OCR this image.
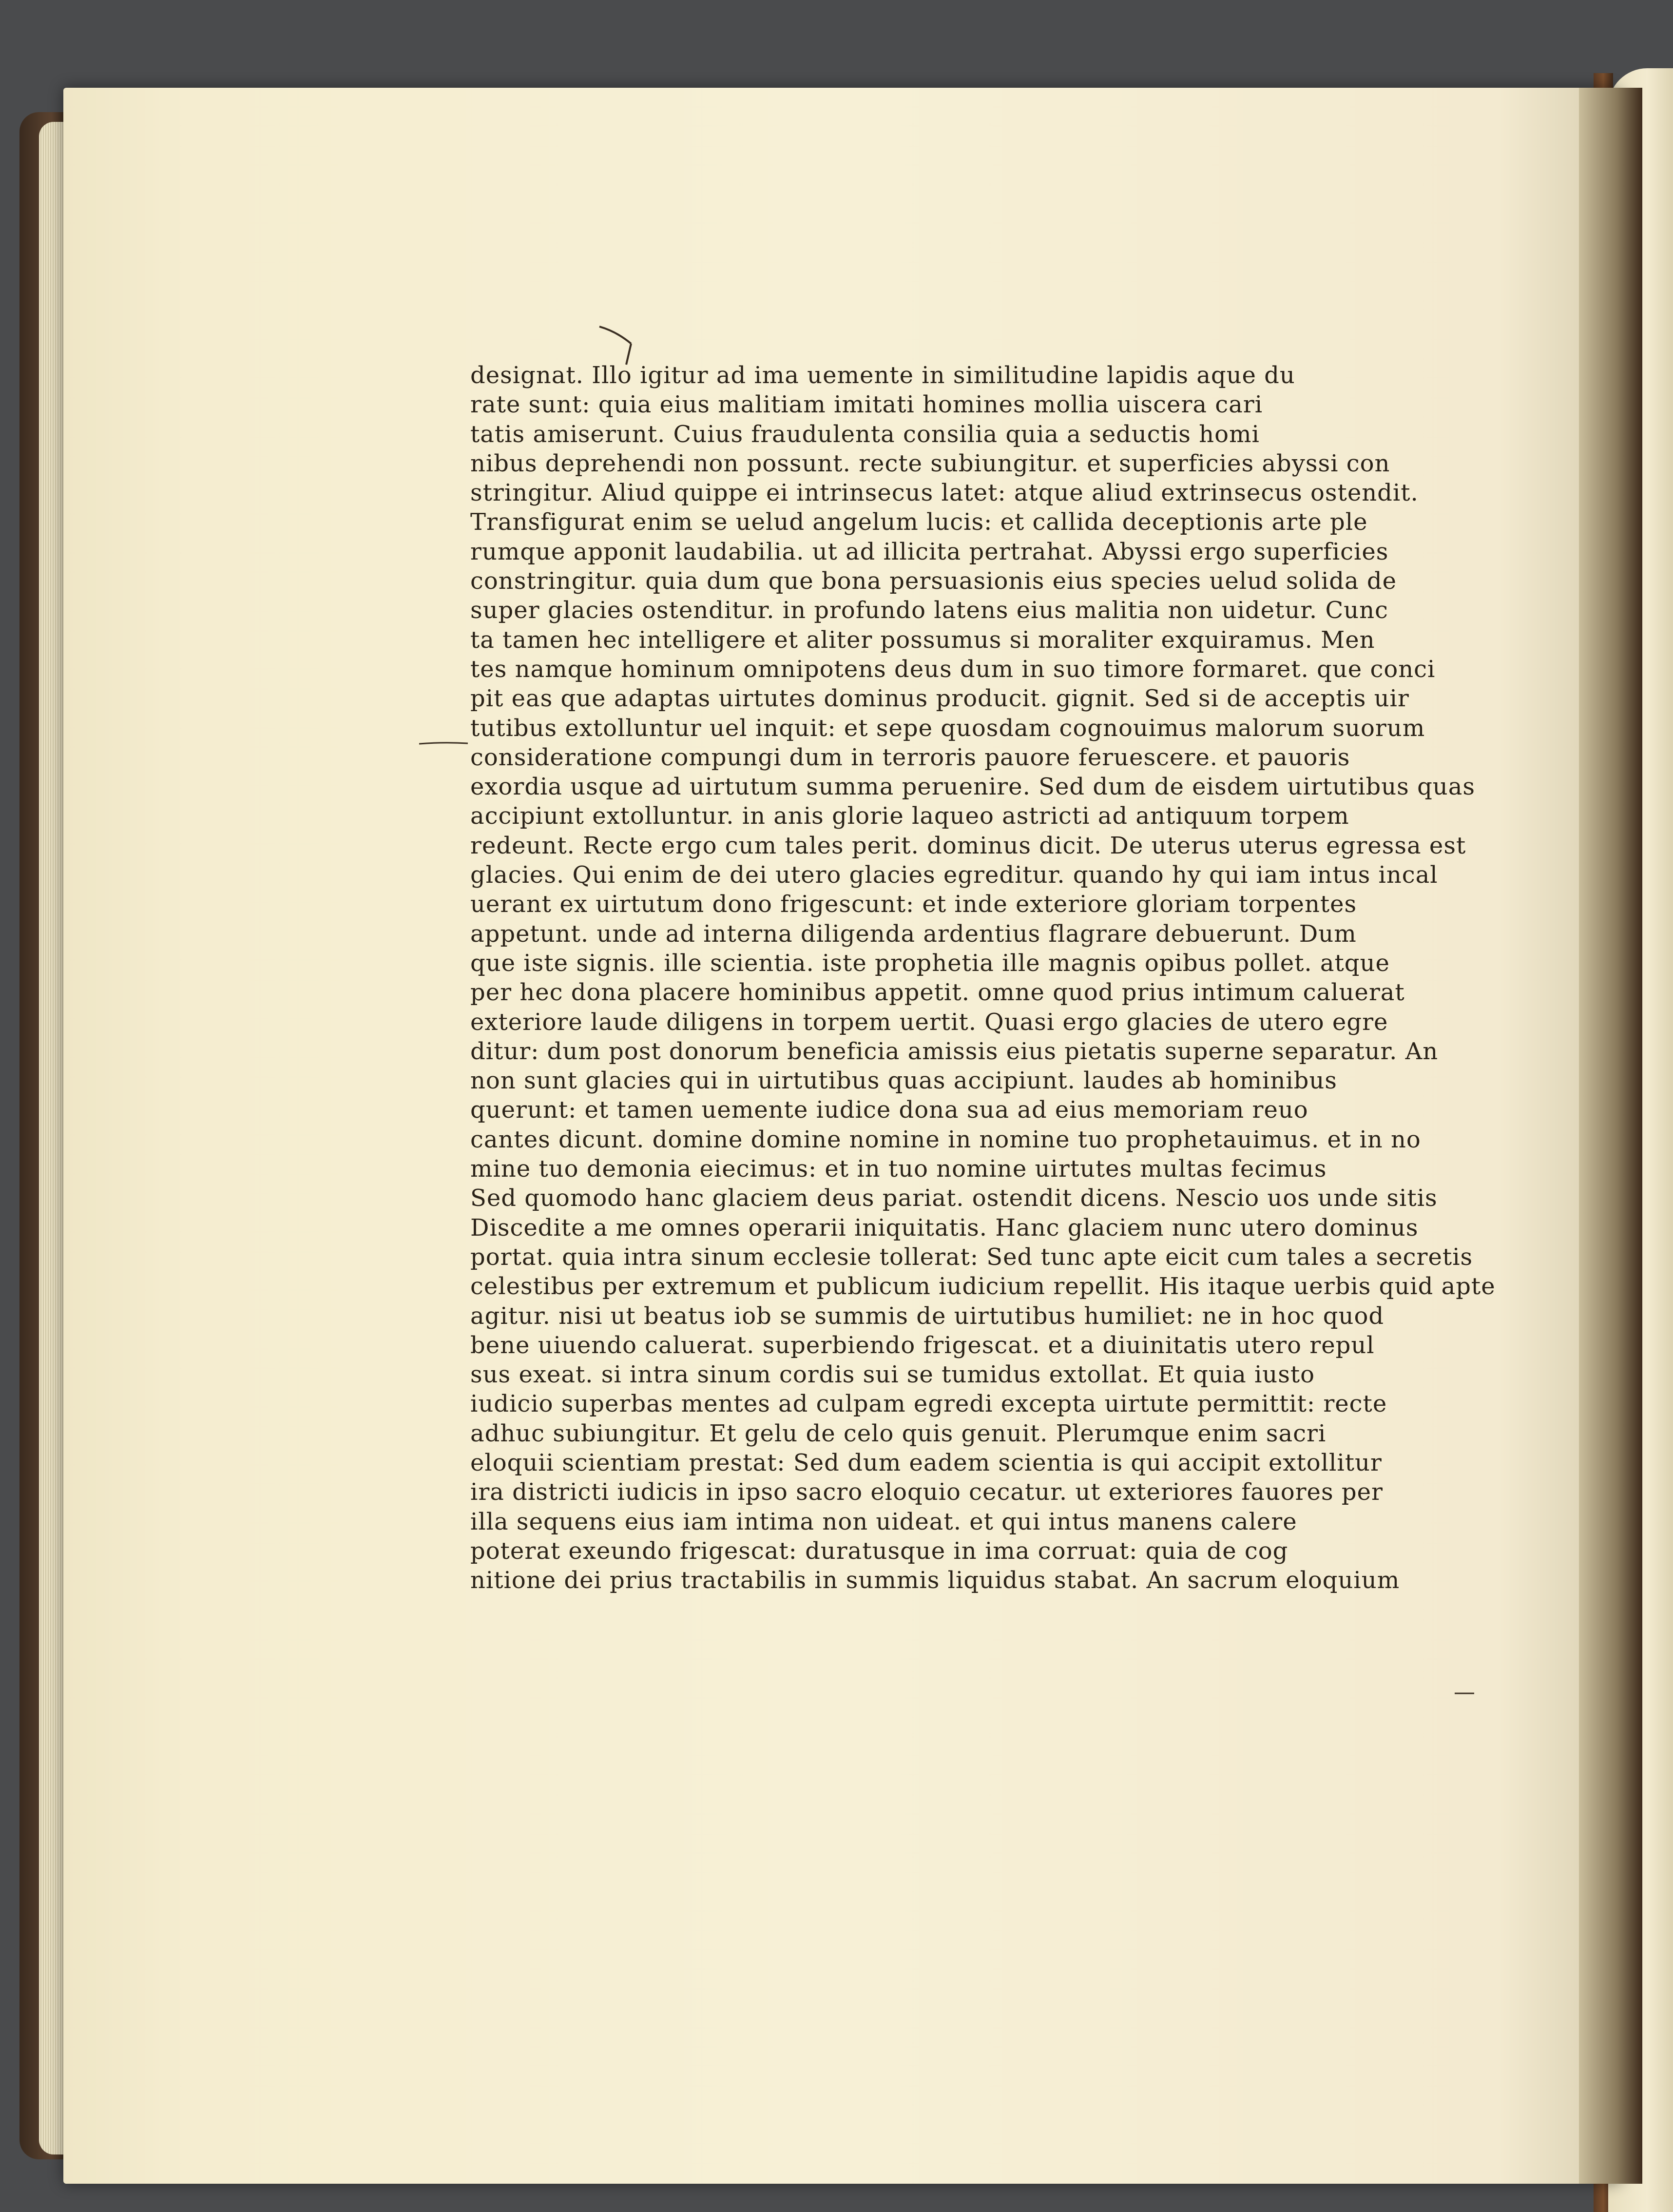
designat. Illo igitur ad ima uemente in similitudine lapidis aque du
rate sunt: quia eius malitiam imitati homines mollia uiscera cari
tatis amiserunt. Cuius fraudulenta consilia quia a seductis homi
nibus deprehendi non possunt. recte subiungitur. et superficies abyssi con
stringitur. Aliud quippe ei intrinsecus latet: atque aliud extrinsecus ostendit.
Transfigurat enim se uelud angelum lucis: et callida deceptionis arte ple
rumque apponit laudabilia. ut ad illicita pertrahat. Abyssi ergo superficies
constringitur. quia dum que bona persuasionis eius species uelud solida de
super glacies ostenditur. in profundo latens eius malitia non uidetur. Cunc
ta tamen hec intelligere et aliter possumus si moraliter exquiramus. Men
tes namque hominum omnipotens deus dum in suo timore formaret. que conci
pit eas que adaptas uirtutes dominus producit. gignit. Sed si de acceptis uir
tutibus extolluntur uel inquit: et sepe quosdam cognouimus malorum suorum
consideratione compungi dum in terroris pauore feruescere. et pauoris
exordia usque ad uirtutum summa peruenire. Sed dum de eisdem uirtutibus quas
accipiunt extolluntur. in anis glorie laqueo astricti ad antiquum torpem
redeunt. Recte ergo cum tales perit. dominus dicit. De uterus uterus egressa est
glacies. Qui enim de dei utero glacies egreditur. quando hy qui iam intus incal
uerant ex uirtutum dono frigescunt: et inde exteriore gloriam torpentes
appetunt. unde ad interna diligenda ardentius flagrare debuerunt. Dum
que iste signis. ille scientia. iste prophetia ille magnis opibus pollet. atque
per hec dona placere hominibus appetit. omne quod prius intimum caluerat
exteriore laude diligens in torpem uertit. Quasi ergo glacies de utero egre
ditur: dum post donorum beneficia amissis eius pietatis superne separatur. An
non sunt glacies qui in uirtutibus quas accipiunt. laudes ab hominibus
querunt: et tamen uemente iudice dona sua ad eius memoriam reuo
cantes dicunt. domine domine nomine in nomine tuo prophetauimus. et in no
mine tuo demonia eiecimus: et in tuo nomine uirtutes multas fecimus
Sed quomodo hanc glaciem deus pariat. ostendit dicens. Nescio uos unde sitis
Discedite a me omnes operarii iniquitatis. Hanc glaciem nunc utero dominus
portat. quia intra sinum ecclesie tollerat: Sed tunc apte eicit cum tales a secretis
celestibus per extremum et publicum iudicium repellit. His itaque uerbis quid apte
agitur. nisi ut beatus iob se summis de uirtutibus humiliet: ne in hoc quod
bene uiuendo caluerat. superbiendo frigescat. et a diuinitatis utero repul
sus exeat. si intra sinum cordis sui se tumidus extollat. Et quia iusto
iudicio superbas mentes ad culpam egredi excepta uirtute permittit: recte
adhuc subiungitur. Et gelu de celo quis genuit. Plerumque enim sacri
eloquii scientiam prestat: Sed dum eadem scientia is qui accipit extollitur
ira districti iudicis in ipso sacro eloquio cecatur. ut exteriores fauores per
illa sequens eius iam intima non uideat. et qui intus manens calere
poterat exeundo frigescat: duratusque in ima corruat: quia de cog
nitione dei prius tractabilis in summis liquidus stabat. An sacrum eloquium
